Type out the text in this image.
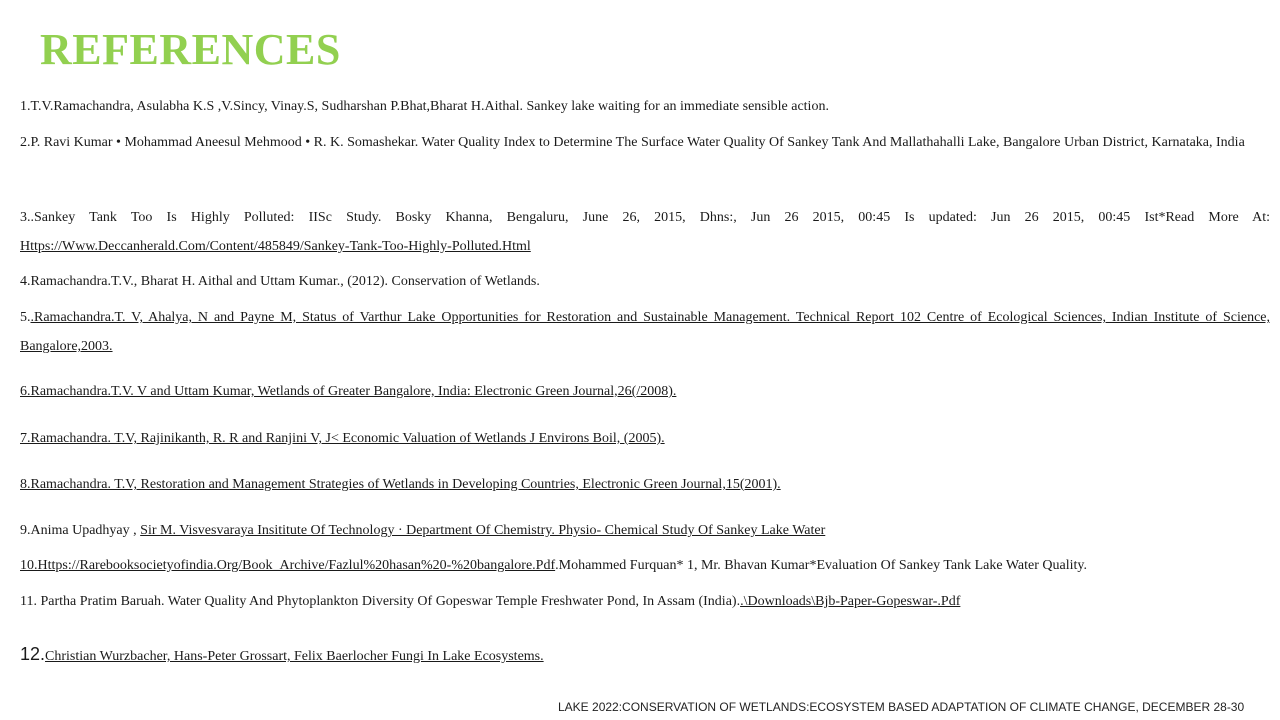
REFERENCES
1.T.V.Ramachandra, Asulabha K.S ,V.Sincy, Vinay.S, Sudharshan P.Bhat,Bharat H.Aithal. Sankey lake waiting for an immediate sensible action.
2.P. Ravi Kumar • Mohammad Aneesul Mehmood • R. K. Somashekar. Water Quality Index to Determine The Surface Water Quality Of Sankey Tank And Mallathahalli Lake, Bangalore Urban District, Karnataka, India
3..Sankey Tank Too Is Highly Polluted: IISc Study. Bosky Khanna, Bengaluru, June 26, 2015, Dhns:, Jun 26 2015, 00:45 Is updated: Jun 26 2015, 00:45 Ist*Read More At: Https://Www.Deccanherald.Com/Content/485849/Sankey-Tank-Too-Highly-Polluted.Html
4.Ramachandra.T.V., Bharat H. Aithal and Uttam Kumar., (2012). Conservation of Wetlands.
5..Ramachandra.T. V, Ahalya, N and Payne M, Status of Varthur Lake Opportunities for Restoration and Sustainable Management. Technical Report 102 Centre of Ecological Sciences, Indian Institute of Science, Bangalore,2003.
6.Ramachandra.T.V. V and Uttam Kumar, Wetlands of Greater Bangalore, India: Electronic Green Journal,26(/2008).
7.Ramachandra. T.V, Rajinikanth, R. R and Ranjini V, J< Economic Valuation of Wetlands J Environs Boil, (2005).
8.Ramachandra. T.V, Restoration and Management Strategies of Wetlands in Developing Countries, Electronic Green Journal,15(2001).
9.Anima Upadhyay , Sir M. Visvesvaraya Insititute Of Technology · Department Of Chemistry. Physio- Chemical Study Of Sankey Lake Water
10.Https://Rarebooksocietyofindia.Org/Book_Archive/Fazlul%20hasan%20-%20bangalore.Pdf.Mohammed Furquan* 1, Mr. Bhavan Kumar*Evaluation Of Sankey Tank Lake Water Quality.
11. Partha Pratim Baruah. Water Quality And Phytoplankton Diversity Of Gopeswar Temple Freshwater Pond, In Assam (India)..\Downloads\Bjb-Paper-Gopeswar-.Pdf
12.Christian Wurzbacher, Hans-Peter Grossart, Felix Baerlocher Fungi In Lake Ecosystems.
LAKE 2022:CONSERVATION OF WETLANDS:ECOSYSTEM BASED ADAPTATION OF CLIMATE CHANGE, DECEMBER 28-30
